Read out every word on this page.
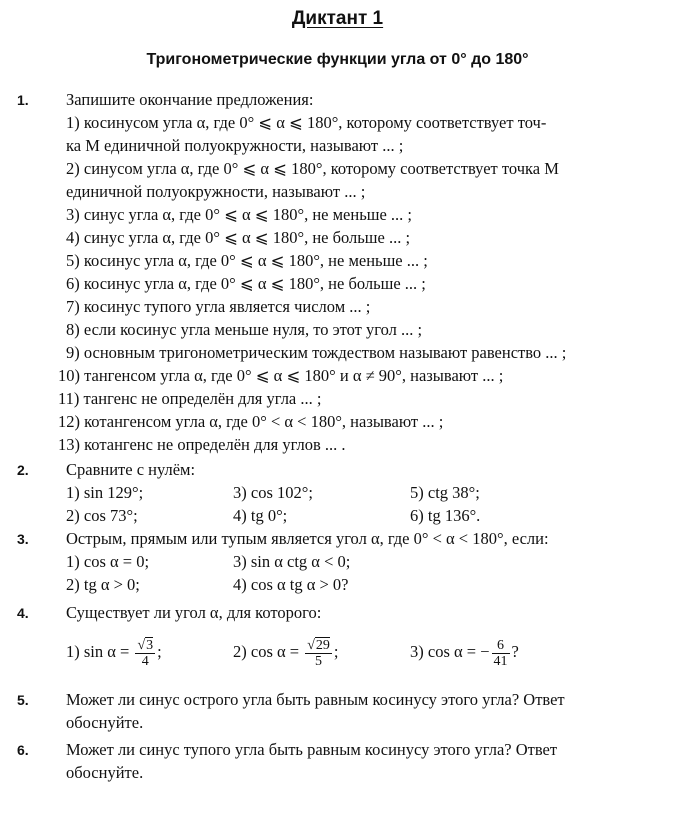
Диктант 1
Тригонометрические функции угла от 0° до 180°
1. Запишите окончание предложения:
1) косинусом угла α, где 0° ⩽ α ⩽ 180°, которому соответствует точ-
ка M единичной полуокружности, называют ... ;
2) синусом угла α, где 0° ⩽ α ⩽ 180°, которому соответствует точка M
единичной полуокружности, называют ... ;
3) синус угла α, где 0° ⩽ α ⩽ 180°, не меньше ... ;
4) синус угла α, где 0° ⩽ α ⩽ 180°, не больше ... ;
5) косинус угла α, где 0° ⩽ α ⩽ 180°, не меньше ... ;
6) косинус угла α, где 0° ⩽ α ⩽ 180°, не больше ... ;
7) косинус тупого угла является числом ... ;
8) если косинус угла меньше нуля, то этот угол ... ;
9) основным тригонометрическим тождеством называют равенство ... ;
10) тангенсом угла α, где 0° ⩽ α ⩽ 180° и α ≠ 90°, называют ... ;
11) тангенс не определён для угла ... ;
12) котангенсом угла α, где 0° < α < 180°, называют ... ;
13) котангенс не определён для углов ... .
2. Сравните с нулём:
1) sin 129°;	3) cos 102°;	5) ctg 38°;
2) cos 73°;	4) tg 0°;	6) tg 136°.
3. Острым, прямым или тупым является угол α, где 0° < α < 180°, если:
1) cos α = 0;	3) sin α ctg α < 0;
2) tg α > 0;	4) cos α tg α > 0?
4. Существует ли угол α, для которого:
1) $\sin \alpha = \frac{√3}{4}$ ;	2) $\cos \alpha = \frac{√29}{5}$ ;	3) cos α = − $\frac{6}{41}$ ?
5. Может ли синус острого угла быть равным косинусу этого угла? Ответ
обоснуйте.
6. Может ли синус тупого угла быть равным косинусу этого угла? Ответ
обоснуйте.
